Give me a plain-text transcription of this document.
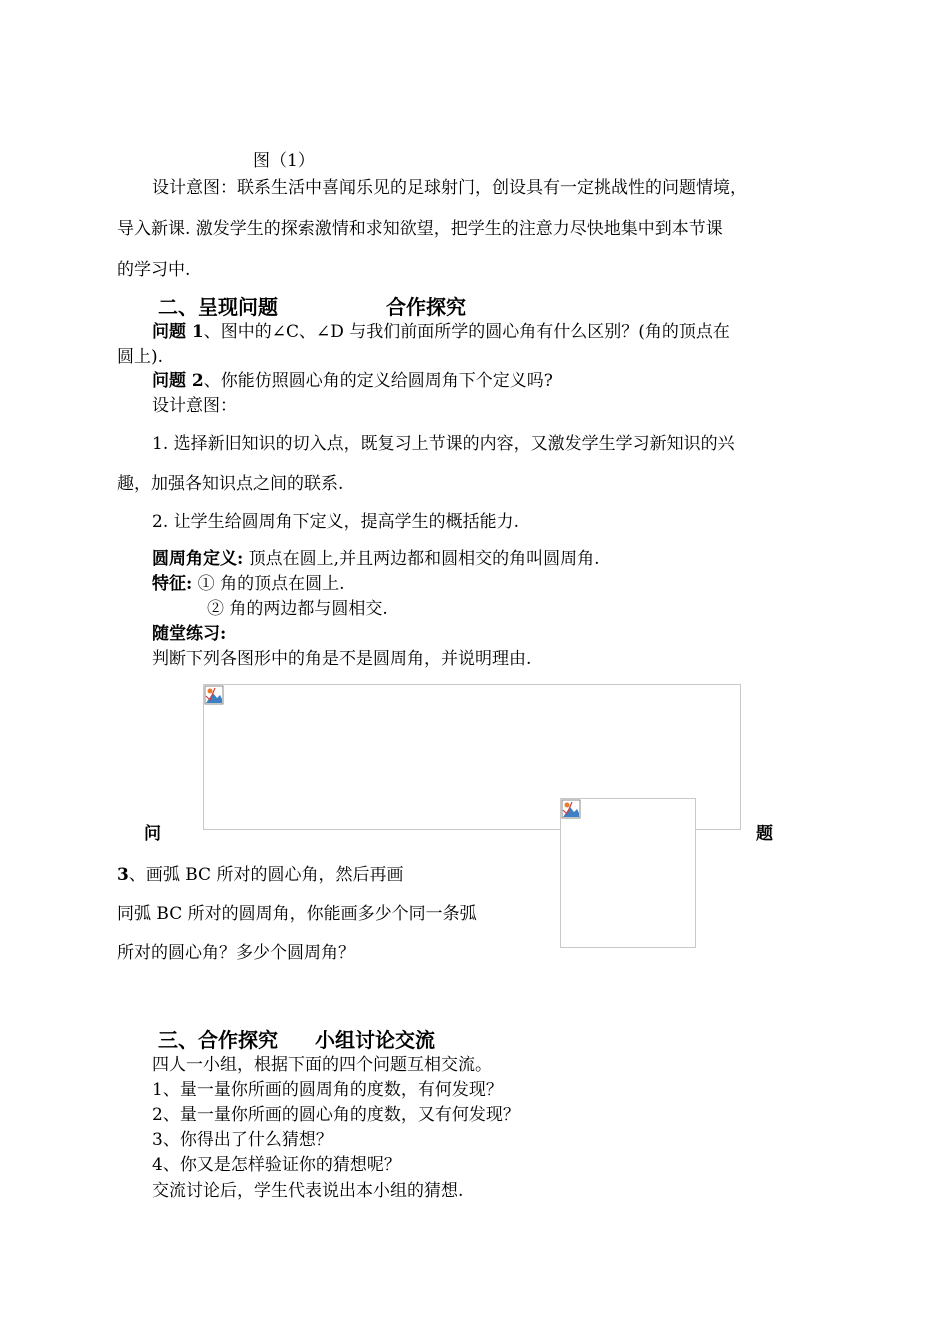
图（1）
设计意图：联系生活中喜闻乐见的足球射门，创设具有一定挑战性的问题情境，
导入新课. 激发学生的探索激情和求知欲望，把学生的注意力尽快地集中到本节课
的学习中.
二、呈现问题	合作探究
问题 1、图中的∠C、∠D 与我们前面所学的圆心角有什么区别？(角的顶点在
圆上).
问题 2、你能仿照圆心角的定义给圆周角下个定义吗?
设计意图：
1. 选择新旧知识的切入点，既复习上节课的内容，又激发学生学习新知识的兴
趣，加强各知识点之间的联系.
2. 让学生给圆周角下定义，提高学生的概括能力.
圆周角定义: 顶点在圆上,并且两边都和圆相交的角叫圆周角.
特征: ① 角的顶点在圆上.
② 角的两边都与圆相交.
随堂练习:
判断下列各图形中的角是不是圆周角，并说明理由.
问	题
3、画弧 BC 所对的圆心角，然后再画
同弧 BC 所对的圆周角，你能画多少个同一条弧
所对的圆心角？多少个圆周角？
三、合作探究 小组讨论交流
四人一小组，根据下面的四个问题互相交流。
1、量一量你所画的圆周角的度数，有何发现？
2、量一量你所画的圆心角的度数，又有何发现？
3、你得出了什么猜想？
4、你又是怎样验证你的猜想呢？
交流讨论后，学生代表说出本小组的猜想.
